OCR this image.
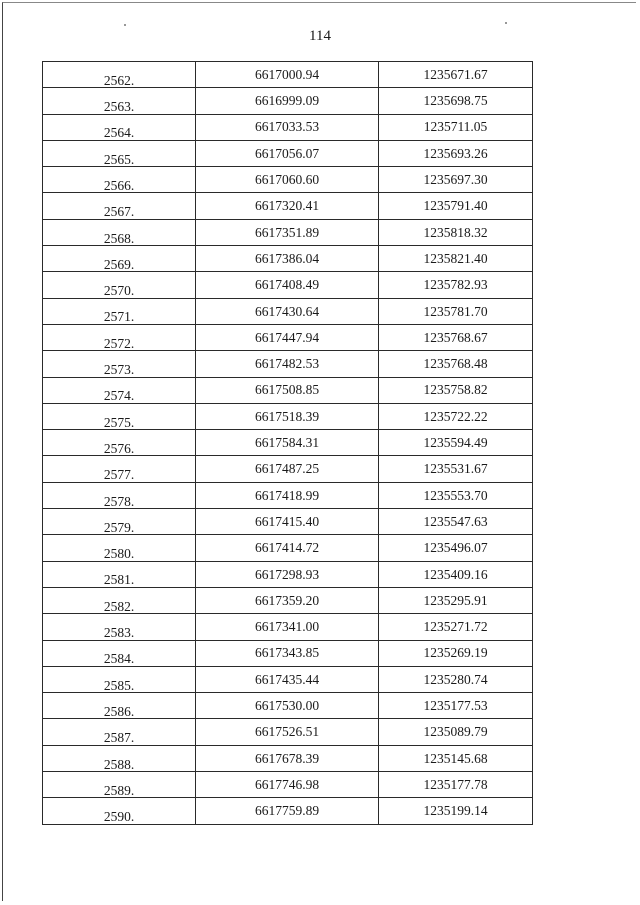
114
2562.	6617000.94	1235671.67
2563.	6616999.09	1235698.75
2564.	6617033.53	1235711.05
2565.	6617056.07	1235693.26
2566.	6617060.60	1235697.30
2567.	6617320.41	1235791.40
2568.	6617351.89	1235818.32
2569.	6617386.04	1235821.40
2570.	6617408.49	1235782.93
2571.	6617430.64	1235781.70
2572.	6617447.94	1235768.67
2573.	6617482.53	1235768.48
2574.	6617508.85	1235758.82
2575.	6617518.39	1235722.22
2576.	6617584.31	1235594.49
2577.	6617487.25	1235531.67
2578.	6617418.99	1235553.70
2579.	6617415.40	1235547.63
2580.	6617414.72	1235496.07
2581.	6617298.93	1235409.16
2582.	6617359.20	1235295.91
2583.	6617341.00	1235271.72
2584.	6617343.85	1235269.19
2585.	6617435.44	1235280.74
2586.	6617530.00	1235177.53
2587.	6617526.51	1235089.79
2588.	6617678.39	1235145.68
2589.	6617746.98	1235177.78
2590.	6617759.89	1235199.14
